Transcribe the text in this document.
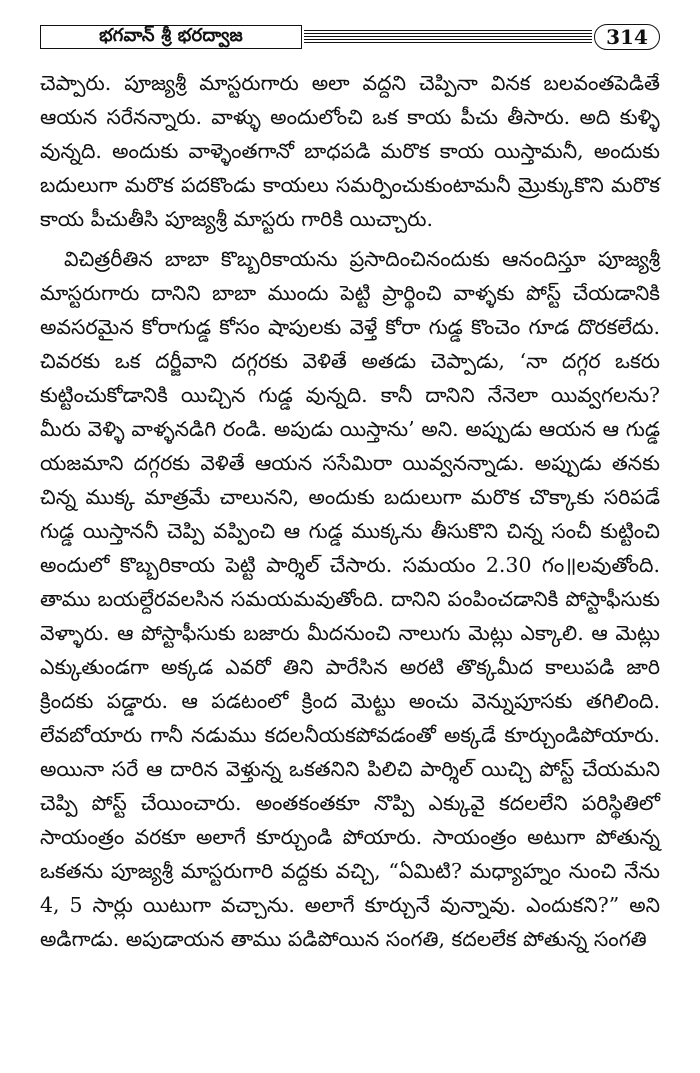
భగవాన్ శ్రీ భరద్వాజ	314

చెప్పారు. పూజ్యశ్రీ మాస్టరుగారు అలా వద్దని చెప్పినా వినక బలవంతపెడితే ఆయన సరేనన్నారు. వాళ్ళు అందులోంచి ఒక కాయ పీచు తీసారు. అది కుళ్ళి వున్నది. అందుకు వాళ్ళెంతగానో బాధపడి మరొక కాయ యిస్తామనీ, అందుకు బదులుగా మరొక పదకొండు కాయలు సమర్పించుకుంటామనీ మ్రొక్కుకొని మరొక కాయ పీచుతీసి పూజ్యశ్రీ మాస్టరు గారికి యిచ్చారు.

విచిత్రరీతిన బాబా కొబ్బరికాయను ప్రసాదించినందుకు ఆనందిస్తూ పూజ్యశ్రీ మాస్టరుగారు దానిని బాబా ముందు పెట్టి ప్రార్థించి వాళ్ళకు పోస్ట్ చేయడానికి అవసరమైన కోరాగుడ్డ కోసం షాపులకు వెళ్తే కోరా గుడ్డ కొంచెం గూడ దొరకలేదు. చివరకు ఒక దర్జీవాని దగ్గరకు వెళితే అతడు చెప్పాడు, ‘నా దగ్గర ఒకరు కుట్టించుకోడానికి యిచ్చిన గుడ్డ వున్నది. కానీ దానిని నేనెలా యివ్వగలను? మీరు వెళ్ళి వాళ్ళనడిగి రండి. అపుడు యిస్తాను’ అని. అప్పుడు ఆయన ఆ గుడ్డ యజమాని దగ్గరకు వెళితే ఆయన ససేమిరా యివ్వనన్నాడు. అప్పుడు తనకు చిన్న ముక్క మాత్రమే చాలునని, అందుకు బదులుగా మరొక చొక్కాకు సరిపడే గుడ్డ యిస్తాననీ చెప్పి వప్పించి ఆ గుడ్డ ముక్కను తీసుకొని చిన్న సంచీ కుట్టించి అందులో కొబ్బరికాయ పెట్టి పార్శిల్ చేసారు. సమయం 2.30 గం॥లవుతోంది. తాము బయల్దేరవలసిన సమయమవుతోంది. దానిని పంపించడానికి పోస్టాఫీసుకు వెళ్ళారు. ఆ పోస్టాఫీసుకు బజారు మీదనుంచి నాలుగు మెట్లు ఎక్కాలి. ఆ మెట్లు ఎక్కుతుండగా అక్కడ ఎవరో తిని పారేసిన అరటి తొక్కమీద కాలుపడి జారి క్రిందకు పడ్డారు. ఆ పడటంలో క్రింద మెట్టు అంచు వెన్నుపూసకు తగిలింది. లేవబోయారు గానీ నడుము కదలనీయకపోవడంతో అక్కడే కూర్చుండిపోయారు. అయినా సరే ఆ దారిన వెళ్తున్న ఒకతనిని పిలిచి పార్శిల్ యిచ్చి పోస్ట్ చేయమని చెప్పి పోస్ట్ చేయించారు. అంతకంతకూ నొప్పి ఎక్కువై కదలలేని పరిస్థితిలో సాయంత్రం వరకూ అలాగే కూర్చుండి పోయారు. సాయంత్రం అటుగా పోతున్న ఒకతను పూజ్యశ్రీ మాస్టరుగారి వద్దకు వచ్చి, “ఏమిటి? మధ్యాహ్నం నుంచి నేను 4, 5 సార్లు యిటుగా వచ్చాను. అలాగే కూర్చునే వున్నావు. ఎందుకని?” అని అడిగాడు. అపుడాయన తాము పడిపోయిన సంగతి, కదలలేక పోతున్న సంగతి
